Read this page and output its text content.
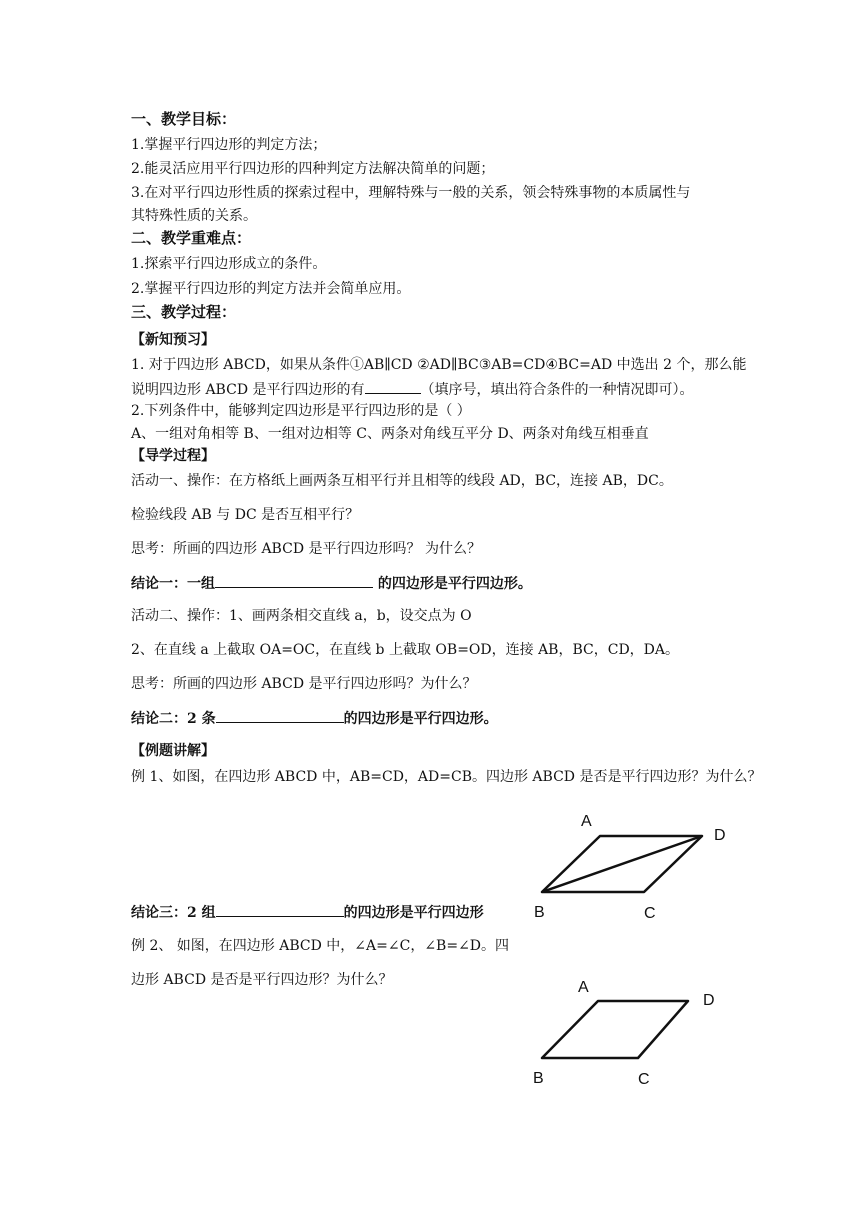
一、教学目标：
1.掌握平行四边形的判定方法；
2.能灵活应用平行四边形的四种判定方法解决简单的问题；
3.在对平行四边形性质的探索过程中，理解特殊与一般的关系，领会特殊事物的本质属性与
其特殊性质的关系。
二、教学重难点：
1.探索平行四边形成立的条件。
2.掌握平行四边形的判定方法并会简单应用。
三、教学过程：
【新知预习】
1. 对于四边形 ABCD，如果从条件①AB∥CD ②AD∥BC③AB=CD④BC=AD 中选出 2 个，那么能
说明四边形 ABCD 是平行四边形的有	（填序号，填出符合条件的一种情况即可）。
2.下列条件中，能够判定四边形是平行四边形的是（ ）
A、一组对角相等 B、一组对边相等 C、两条对角线互平分 D、两条对角线互相垂直
【导学过程】
活动一、操作：在方格纸上画两条互相平行并且相等的线段 AD，BC，连接 AB，DC。
检验线段 AB 与 DC 是否互相平行？
思考：所画的四边形 ABCD 是平行四边形吗？ 为什么？
结论一：一组	的四边形是平行四边形。
活动二、操作：1、画两条相交直线 a，b，设交点为 O
2、在直线 a 上截取 OA=OC，在直线 b 上截取 OB=OD，连接 AB，BC，CD，DA。
思考：所画的四边形 ABCD 是平行四边形吗？为什么？
结论二：2 条	的四边形是平行四边形。
【例题讲解】
例 1、如图，在四边形 ABCD 中，AB=CD，AD=CB。四边形 ABCD 是否是平行四边形？为什么？
结论三：2 组	的四边形是平行四边形
例 2、 如图，在四边形 ABCD 中，∠A=∠C，∠B=∠D。四
边形 ABCD 是否是平行四边形？为什么？
A
D
B	C
A
D
B	C
